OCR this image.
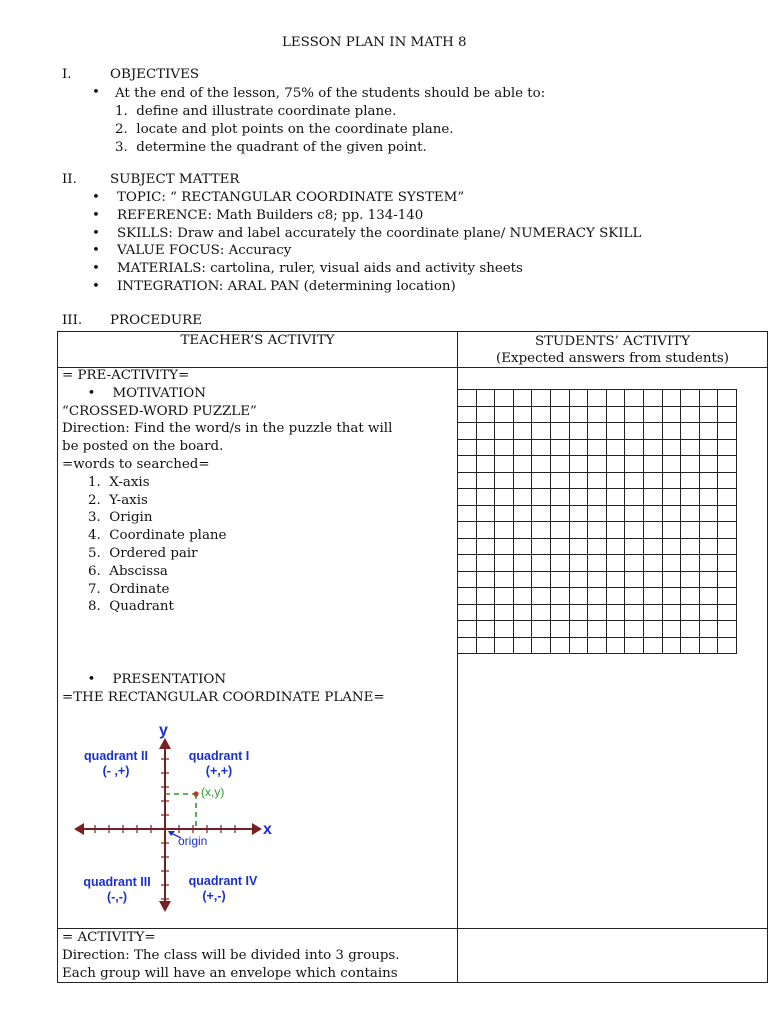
LESSON PLAN IN MATH 8
I.	OBJECTIVES
• At the end of the lesson, 75% of the students should be able to:
1.  define and illustrate coordinate plane.
2.  locate and plot points on the coordinate plane.
3.  determine the quadrant of the given point.
II. SUBJECT MATTER
•    TOPIC: “ RECTANGULAR COORDINATE SYSTEM”
•    REFERENCE: Math Builders c8; pp. 134-140
•    SKILLS: Draw and label accurately the coordinate plane/ NUMERACY SKILL
•    VALUE FOCUS: Accuracy
•    MATERIALS: cartolina, ruler, visual aids and activity sheets
•    INTEGRATION: ARAL PAN (determining location)
III. PROCEDURE
TEACHER’S ACTIVITY	STUDENTS’ ACTIVITY
(Expected answers from students)

= PRE-ACTIVITY=
•    MOTIVATION
“CROSSED-WORD PUZZLE”
Direction: Find the word/s in the puzzle that will
be posted on the board.
=words to searched=
1.  X-axis
2.  Y-axis
3.  Origin
4.  Coordinate plane
5.  Ordered pair
6.  Abscissa
7.  Ordinate
8.  Quadrant
•    PRESENTATION
=THE RECTANGULAR COORDINATE PLANE=
(x,y)
origin
y
x
quadrant II
(- ,+)
quadrant I
(+,+)
quadrant III
(-,-)
quadrant IV
(+,-)
= ACTIVITY=
Direction: The class will be divided into 3 groups.
Each group will have an envelope which contains
